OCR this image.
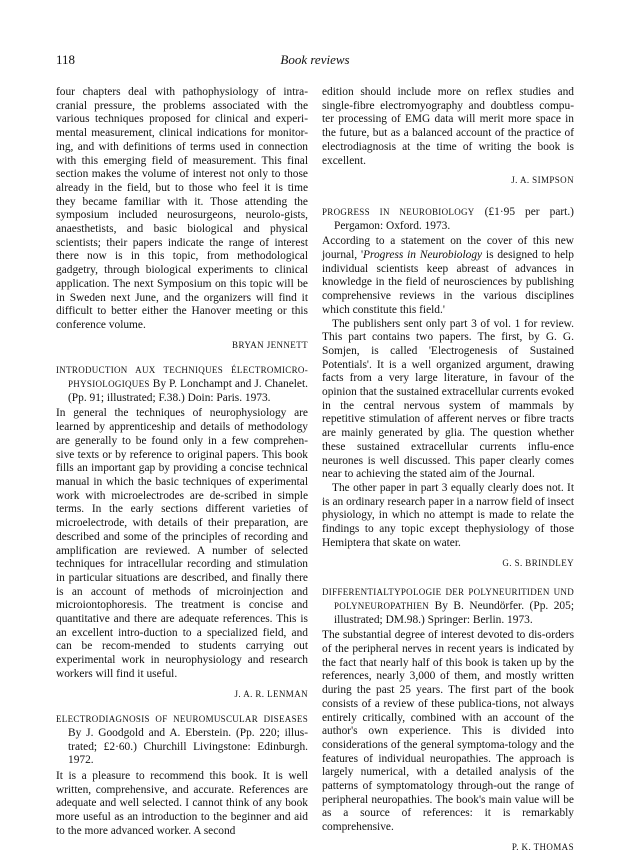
118	Book reviews

four chapters deal with pathophysiology of intra-cranial pressure, the problems associated with the various techniques proposed for clinical and experi-mental measurement, clinical indications for monitor-ing, and with definitions of terms used in connection with this emerging field of measurement. This final section makes the volume of interest not only to those already in the field, but to those who feel it is time they became familiar with it. Those attending the symposium included neurosurgeons, neurolo-gists, anaesthetists, and basic biological and physical scientists; their papers indicate the range of interest there now is in this topic, from methodological gadgetry, through biological experiments to clinical application. The next Symposium on this topic will be in Sweden next June, and the organizers will find it difficult to better either the Hanover meeting or this conference volume.

BRYAN JENNETT
INTRODUCTION AUX TECHNIQUES ÉLECTROMICRO-PHYSIOLOGIQUES By P. Lonchampt and J. Chanelet. (Pp. 91; illustrated; F.38.) Doin: Paris. 1973.

In general the techniques of neurophysiology are learned by apprenticeship and details of methodology are generally to be found only in a few comprehen-sive texts or by reference to original papers. This book fills an important gap by providing a concise technical manual in which the basic techniques of experimental work with microelectrodes are de-scribed in simple terms. In the early sections different varieties of microelectrode, with details of their preparation, are described and some of the principles of recording and amplification are reviewed. A number of selected techniques for intracellular recording and stimulation in particular situations are described, and finally there is an account of methods of microinjection and microiontophoresis. The treatment is concise and quantitative and there are adequate references. This is an excellent intro-duction to a specialized field, and can be recom-mended to students carrying out experimental work in neurophysiology and research workers will find it useful.

J. A. R. LENMAN
ELECTRODIAGNOSIS OF NEUROMUSCULAR DISEASES By J. Goodgold and A. Eberstein. (Pp. 220; illus-trated; £2·60.) Churchill Livingstone: Edinburgh. 1972.

It is a pleasure to recommend this book. It is well written, comprehensive, and accurate. References are adequate and well selected. I cannot think of any book more useful as an introduction to the beginner and aid to the more advanced worker. A second

edition should include more on reflex studies and single-fibre electromyography and doubtless compu-ter processing of EMG data will merit more space in the future, but as a balanced account of the practice of electrodiagnosis at the time of writing the book is excellent.

J. A. SIMPSON
PROGRESS IN NEUROBIOLOGY (£1·95 per part.) Pergamon: Oxford. 1973.

According to a statement on the cover of this new journal, 'Progress in Neurobiology is designed to help individual scientists keep abreast of advances in knowledge in the field of neurosciences by publishing comprehensive reviews in the various disciplines which constitute this field.'

The publishers sent only part 3 of vol. 1 for review. This part contains two papers. The first, by G. G. Somjen, is called 'Electrogenesis of Sustained Potentials'. It is a well organized argument, drawing facts from a very large literature, in favour of the opinion that the sustained extracellular currents evoked in the central nervous system of mammals by repetitive stimulation of afferent nerves or fibre tracts are mainly generated by glia. The question whether these sustained extracellular currents influ-ence neurones is well discussed. This paper clearly comes near to achieving the stated aim of the Journal.

The other paper in part 3 equally clearly does not. It is an ordinary research paper in a narrow field of insect physiology, in which no attempt is made to relate the findings to any topic except thephysiology of those Hemiptera that skate on water.

G. S. BRINDLEY
DIFFERENTIALTYPOLOGIE DER POLYNEURITIDEN UND POLYNEUROPATHIEN By B. Neundörfer. (Pp. 205; illustrated; DM.98.) Springer: Berlin. 1973.

The substantial degree of interest devoted to dis-orders of the peripheral nerves in recent years is indicated by the fact that nearly half of this book is taken up by the references, nearly 3,000 of them, and mostly written during the past 25 years. The first part of the book consists of a review of these publica-tions, not always entirely critically, combined with an account of the author's own experience. This is divided into considerations of the general symptoma-tology and the features of individual neuropathies. The approach is largely numerical, with a detailed analysis of the patterns of symptomatology through-out the range of peripheral neuropathies. The book's main value will be as a source of references: it is remarkably comprehensive.

P. K. THOMAS
